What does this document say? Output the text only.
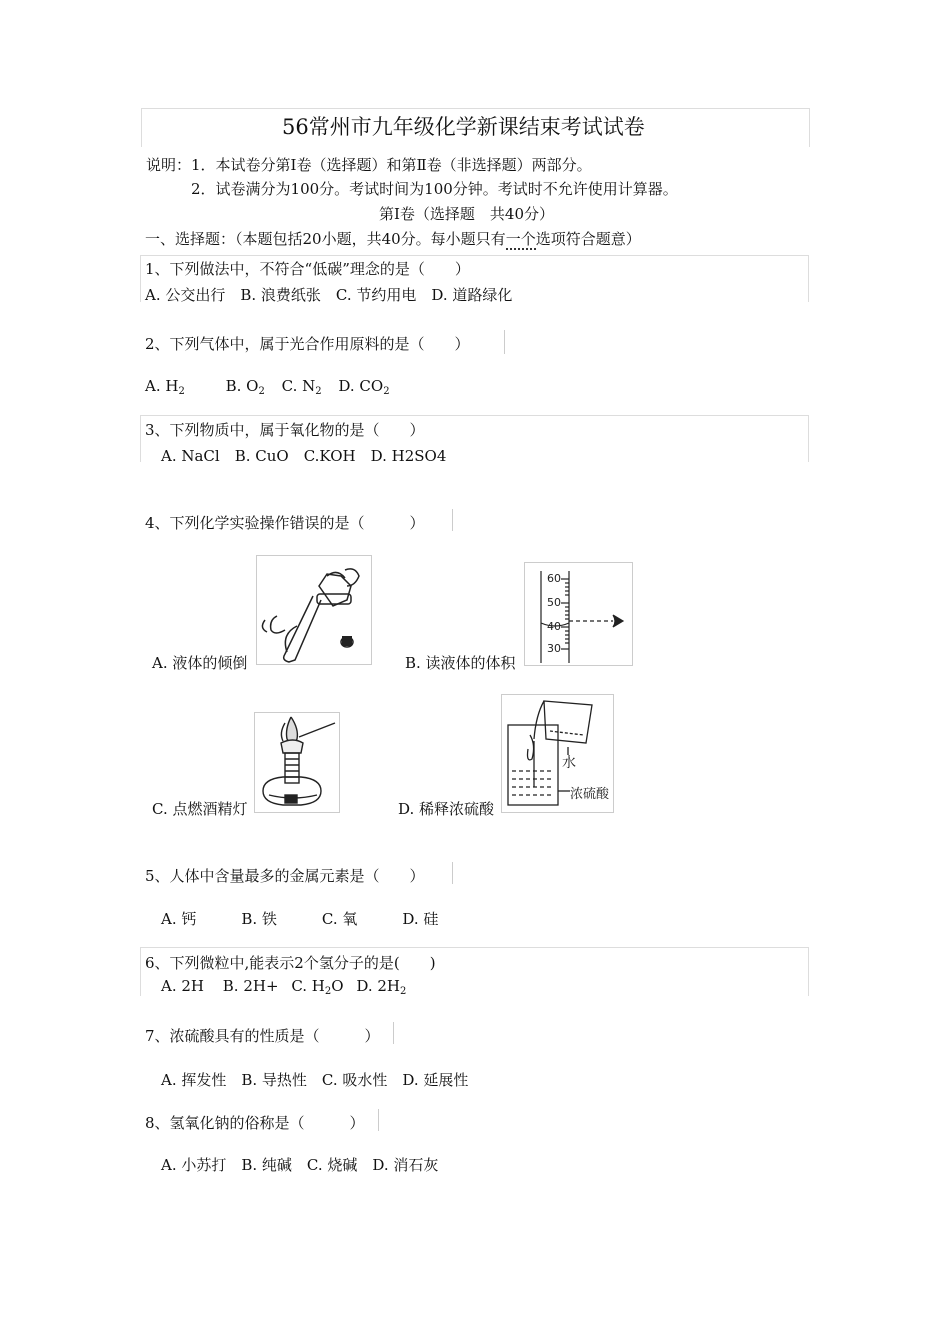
56常州市九年级化学新课结束考试试卷
说明：1．本试卷分第Ⅰ卷（选择题）和第Ⅱ卷（非选择题）两部分。
2．试卷满分为100分。考试时间为100分钟。考试时不允许使用计算器。
第Ⅰ卷（选择题　共40分）
一、选择题：（本题包括20小题，共40分。每小题只有一个选项符合题意）
1、下列做法中，不符合“低碳”理念的是（　　）
A. 公交出行　B. 浪费纸张　C. 节约用电　D. 道路绿化
2、下列气体中，属于光合作用原料的是（　　）
A. $H_2$	B. $O_2$ C. $N_2$ D. $CO_2$
3、下列物质中，属于氧化物的是（　　）
A. NaCl　B. CuO　C.KOH　D. H2SO4
4、下列化学实验操作错误的是（　　　）
A. 液体的倾倒	B. 读液体的体积
60
50
40
30
C. 点燃酒精灯	D. 稀释浓硫酸
水
浓硫酸
5、人体中含量最多的金属元素是（　　）
A. 钙　　　B. 铁　　　C. 氧　　　D. 硅
6、下列微粒中,能表示2个氢分子的是(　　)
A. 2H B. 2H+ C. $H_2O$ D. $2H_2$
7、浓硫酸具有的性质是（　　　）
A. 挥发性　B. 导热性　C. 吸水性　D. 延展性
8、氢氧化钠的俗称是（　　　）
A. 小苏打　B. 纯碱　C. 烧碱　D. 消石灰
